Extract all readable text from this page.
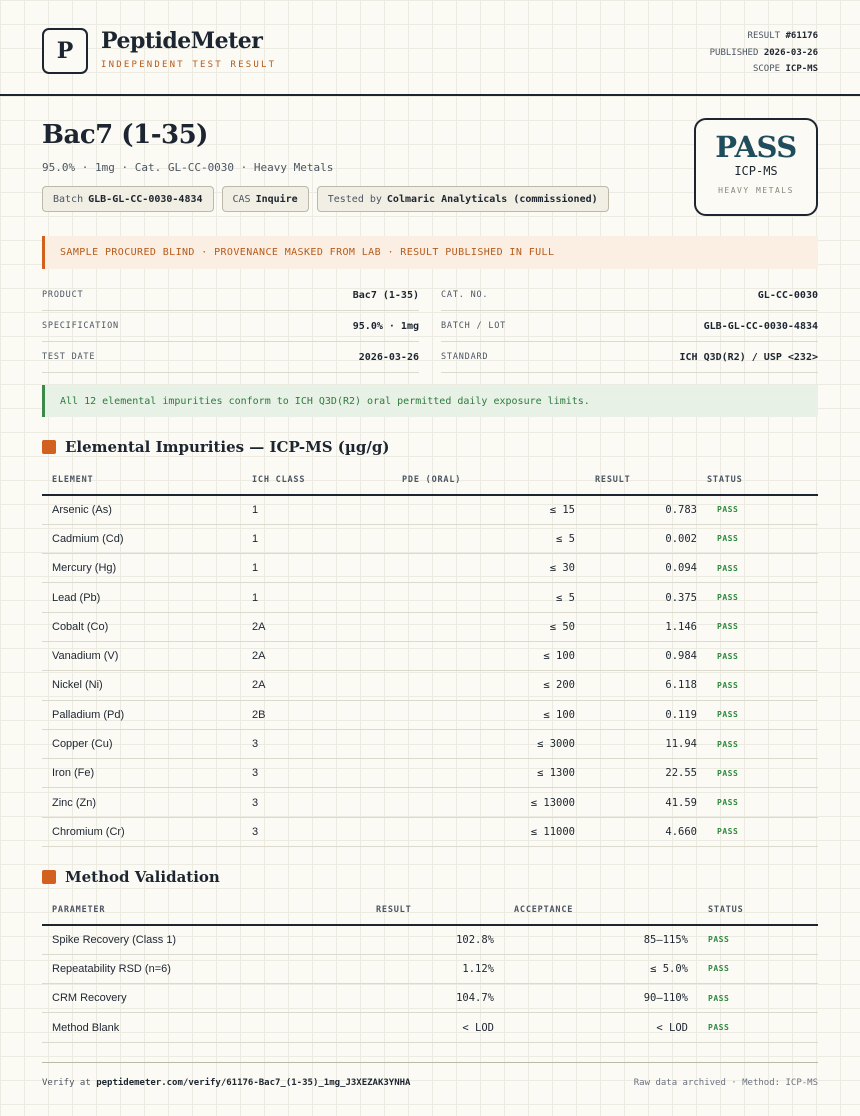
P PeptideMeter
INDEPENDENT TEST RESULT
RESULT #61176
PUBLISHED 2026-03-26
SCOPE ICP-MS
Bac7 (1-35)
95.0% · 1mg · Cat. GL-CC-0030 · Heavy Metals
Batch GLB-GL-CC-0030-4834	CAS Inquire	Tested by Colmaric Analyticals (commissioned)
PASS
ICP-MS
HEAVY METALS
SAMPLE PROCURED BLIND · PROVENANCE MASKED FROM LAB · RESULT PUBLISHED IN FULL
PRODUCT	Bac7 (1-35)
SPECIFICATION	95.0% · 1mg
TEST DATE	2026-03-26
CAT. NO.	GL-CC-0030
BATCH / LOT	GLB-GL-CC-0030-4834
STANDARD	ICH Q3D(R2) / USP <232>
All 12 elemental impurities conform to ICH Q3D(R2) oral permitted daily exposure limits.
Elemental Impurities — ICP-MS (µg/g)
ELEMENT	ICH CLASS	PDE (ORAL)	RESULT	STATUS
Arsenic (As)	1	≤ 15	0.783	PASS
Cadmium (Cd)	1	≤ 5	0.002	PASS
Mercury (Hg)	1	≤ 30	0.094	PASS
Lead (Pb)	1	≤ 5	0.375	PASS
Cobalt (Co)	2A	≤ 50	1.146	PASS
Vanadium (V)	2A	≤ 100	0.984	PASS
Nickel (Ni)	2A	≤ 200	6.118	PASS
Palladium (Pd)	2B	≤ 100	0.119	PASS
Copper (Cu)	3	≤ 3000	11.94	PASS
Iron (Fe)	3	≤ 1300	22.55	PASS
Zinc (Zn)	3	≤ 13000	41.59	PASS
Chromium (Cr)	3	≤ 11000	4.660	PASS
Method Validation
PARAMETER	RESULT	ACCEPTANCE	STATUS
Spike Recovery (Class 1)	102.8%	85–115%	PASS
Repeatability RSD (n=6)	1.12%	≤ 5.0%	PASS
CRM Recovery	104.7%	90–110%	PASS
Method Blank	< LOD	< LOD	PASS
Verify at peptidemeter.com/verify/61176-Bac7_(1-35)_1mg_J3XEZAK3YNHA	Raw data archived · Method: ICP-MS
